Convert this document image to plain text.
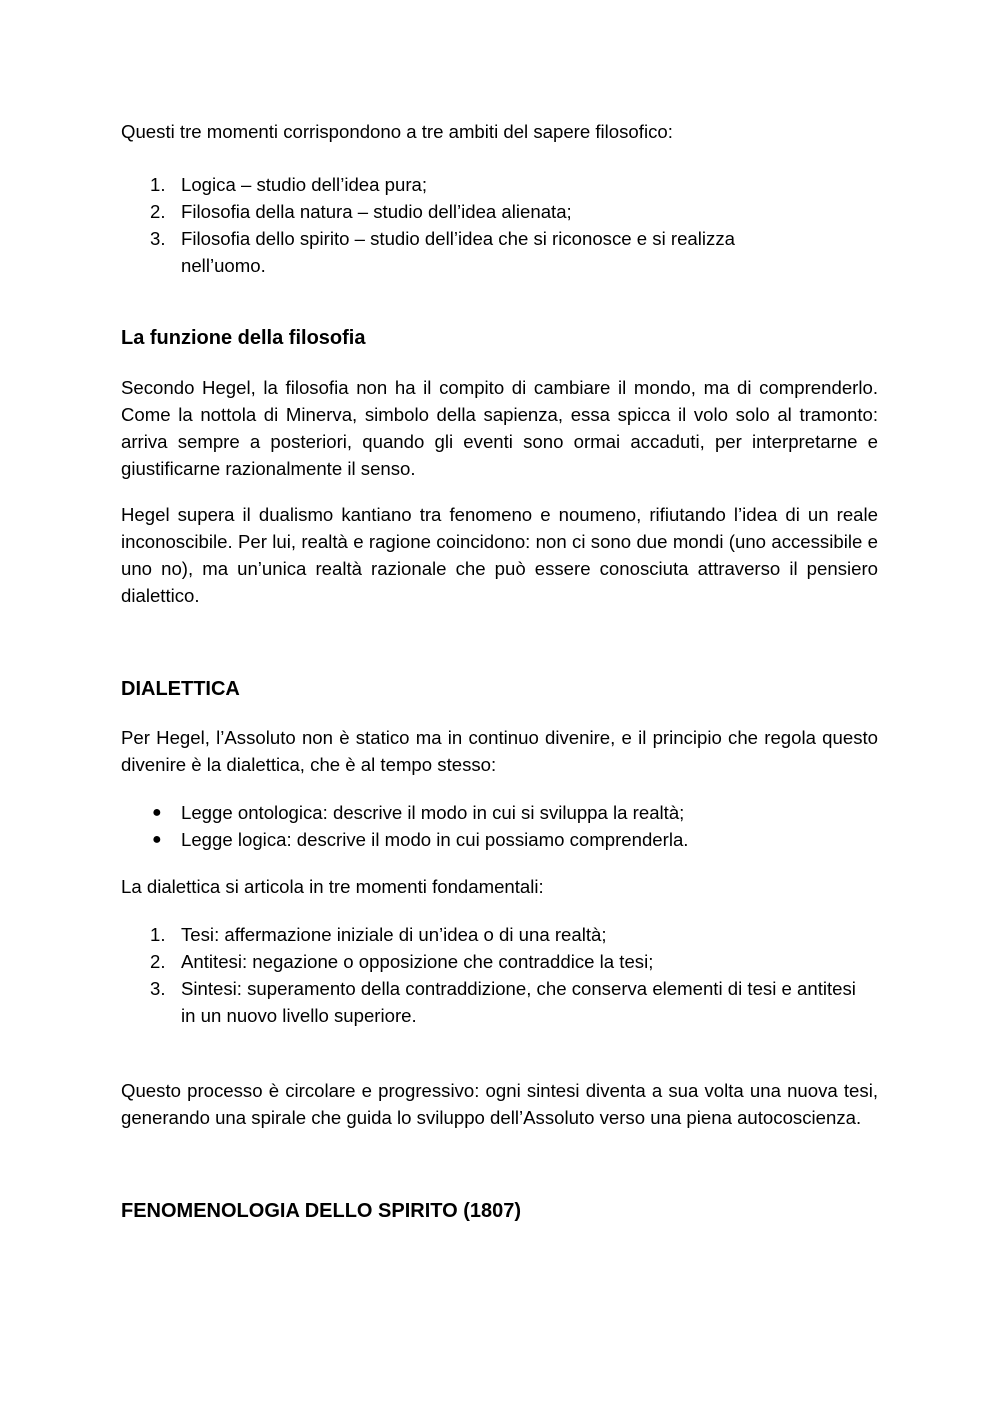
Questi tre momenti corrispondono a tre ambiti del sapere filosofico:

1. Logica – studio dell’idea pura;
2. Filosofia della natura – studio dell’idea alienata;
3. Filosofia dello spirito – studio dell’idea che si riconosce e si realizza nell’uomo.
La funzione della filosofia

Secondo Hegel, la filosofia non ha il compito di cambiare il mondo, ma di comprenderlo. Come la nottola di Minerva, simbolo della sapienza, essa spicca il volo solo al tramonto: arriva sempre a posteriori, quando gli eventi sono ormai accaduti, per interpretarne e giustificarne razionalmente il senso.

Hegel supera il dualismo kantiano tra fenomeno e noumeno, rifiutando l’idea di un reale inconoscibile. Per lui, realtà e ragione coincidono: non ci sono due mondi (uno accessibile e uno no), ma un’unica realtà razionale che può essere conosciuta attraverso il pensiero dialettico.

DIALETTICA

Per Hegel, l’Assoluto non è statico ma in continuo divenire, e il principio che regola questo divenire è la dialettica, che è al tempo stesso:

● Legge ontologica: descrive il modo in cui si sviluppa la realtà;
● Legge logica: descrive il modo in cui possiamo comprenderla.

La dialettica si articola in tre momenti fondamentali:

1. Tesi: affermazione iniziale di un’idea o di una realtà;
2. Antitesi: negazione o opposizione che contraddice la tesi;
3. Sintesi: superamento della contraddizione, che conserva elementi di tesi e antitesi in un nuovo livello superiore.

Questo processo è circolare e progressivo: ogni sintesi diventa a sua volta una nuova tesi, generando una spirale che guida lo sviluppo dell’Assoluto verso una piena autocoscienza.

FENOMENOLOGIA DELLO SPIRITO (1807)
